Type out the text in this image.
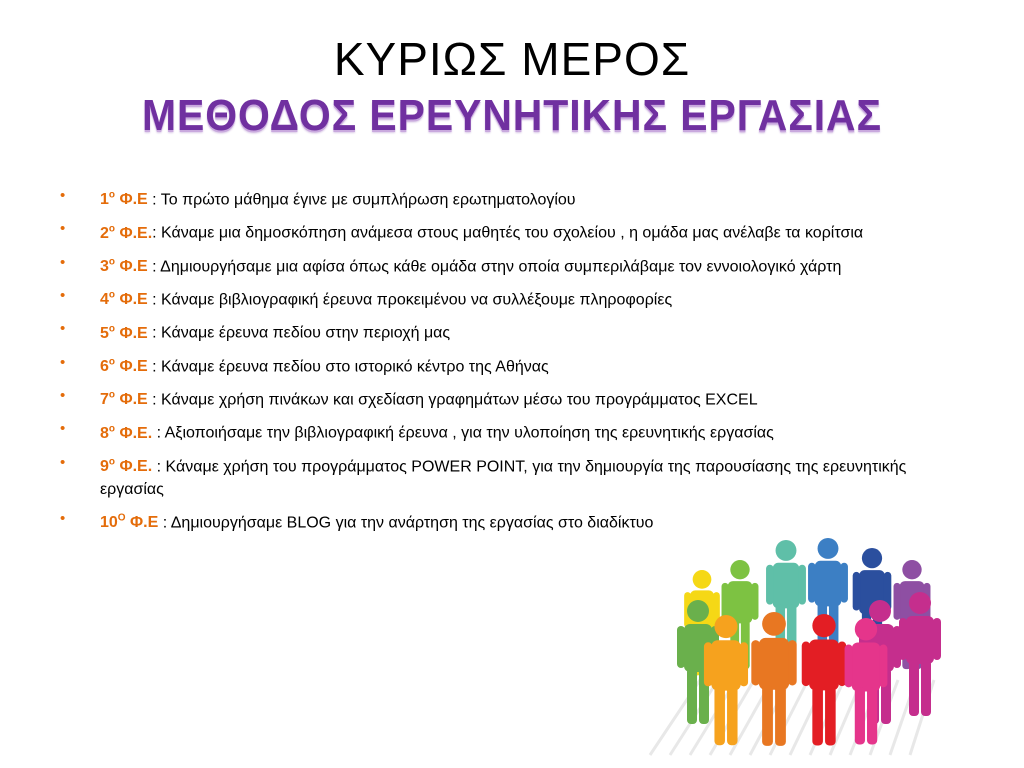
ΚΥΡΙΩΣ ΜΕΡΟΣ
ΜΕΘΟΔΟΣ ΕΡΕΥΝΗΤΙΚΗΣ ΕΡΓΑΣΙΑΣ
• $1^o$ Φ.Ε : Το πρώτο μάθημα έγινε με συμπλήρωση ερωτηματολογίου
• $2^o$ Φ.Ε.: Κάναμε μια δημοσκόπηση ανάμεσα στους μαθητές του σχολείου , η ομάδα μας ανέλαβε τα κορίτσια
• $3^o$ Φ.Ε : Δημιουργήσαμε μια αφίσα όπως κάθε ομάδα στην οποία συμπεριλάβαμε τον εννοιολογικό χάρτη
• $4^o$ Φ.Ε : Κάναμε βιβλιογραφική έρευνα προκειμένου να συλλέξουμε πληροφορίες
• $5^o$ Φ.Ε : Κάναμε έρευνα πεδίου στην περιοχή μας
• $6^o$ Φ.Ε : Κάναμε έρευνα πεδίου στο ιστορικό κέντρο της Αθήνας
• $7^o$ Φ.Ε : Κάναμε χρήση πινάκων και σχεδίαση γραφημάτων μέσω του προγράμματος EXCEL
• $8^o$ Φ.Ε. : Αξιοποιήσαμε την βιβλιογραφική έρευνα , για την υλοποίηση της ερευνητικής εργασίας
• $9^o$ Φ.Ε. : Κάναμε χρήση του προγράμματος POWER POINT, για την δημιουργία της παρουσίασης της ερευνητικής εργασίας
• $10^O$ Φ.Ε : Δημιουργήσαμε BLOG για την ανάρτηση της εργασίας στο διαδίκτυο
